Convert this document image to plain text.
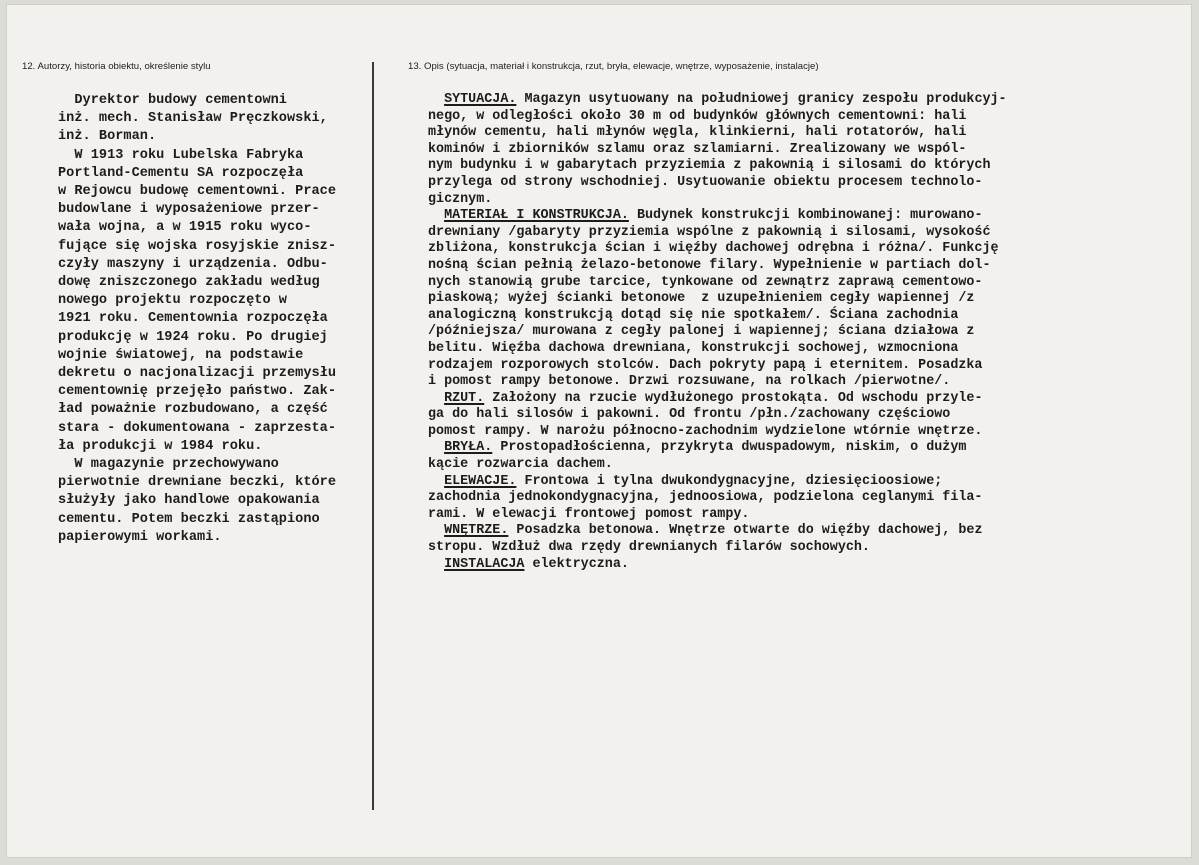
12. Autorzy, historia obiektu, określenie stylu	13. Opis (sytuacja, materiał i konstrukcja, rzut, bryła, elewacje, wnętrze, wyposażenie, instalacje)
Dyrektor budowy cementowni
inż. mech. Stanisław Pręczkowski,
inż. Borman.
W 1913 roku Lubelska Fabryka
Portland-Cementu SA rozpoczęła
w Rejowcu budowę cementowni. Prace
budowlane i wyposażeniowe przer-
wała wojna, a w 1915 roku wyco-
fujące się wojska rosyjskie znisz-
czyły maszyny i urządzenia. Odbu-
dowę zniszczonego zakładu według
nowego projektu rozpoczęto w
1921 roku. Cementownia rozpoczęła
produkcję w 1924 roku. Po drugiej
wojnie światowej, na podstawie
dekretu o nacjonalizacji przemysłu
cementownię przejęło państwo. Zak-
ład poważnie rozbudowano, a część
stara - dokumentowana - zaprzesta-
ła produkcji w 1984 roku.
W magazynie przechowywano
pierwotnie drewniane beczki, które
służyły jako handlowe opakowania
cementu. Potem beczki zastąpiono
papierowymi workami.
SYTUACJA. Magazyn usytuowany na południowej granicy zespołu produkcyj-
nego, w odległości około 30 m od budynków głównych cementowni: hali
młynów cementu, hali młynów węgla, klinkierni, hali rotatorów, hali
kominów i zbiorników szlamu oraz szlamiarni. Zrealizowany we wspól-
nym budynku i w gabarytach przyziemia z pakownią i silosami do których
przylega od strony wschodniej. Usytuowanie obiektu procesem technolo-
gicznym.
MATERIAŁ I KONSTRUKCJA. Budynek konstrukcji kombinowanej: murowano-
drewniany /gabaryty przyziemia wspólne z pakownią i silosami, wysokość
zbliżona, konstrukcja ścian i więźby dachowej odrębna i różna/. Funkcję
nośną ścian pełnią żelazo-betonowe filary. Wypełnienie w partiach dol-
nych stanowią grube tarcice, tynkowane od zewnątrz zaprawą cementowo-
piaskową; wyżej ścianki betonowe  z uzupełnieniem cegły wapiennej /z
analogiczną konstrukcją dotąd się nie spotkałem/. Ściana zachodnia
/późniejsza/ murowana z cegły palonej i wapiennej; ściana działowa z
belitu. Więźba dachowa drewniana, konstrukcji sochowej, wzmocniona
rodzajem rozporowych stolców. Dach pokryty papą i eternitem. Posadzka
i pomost rampy betonowe. Drzwi rozsuwane, na rolkach /pierwotne/.
RZUT. Założony na rzucie wydłużonego prostokąta. Od wschodu przyle-
ga do hali silosów i pakowni. Od frontu /płn./zachowany częściowo
pomost rampy. W narożu północno-zachodnim wydzielone wtórnie wnętrze.
BRYŁA. Prostopadłościenna, przykryta dwuspadowym, niskim, o dużym
kącie rozwarcia dachem.
ELEWACJE. Frontowa i tylna dwukondygnacyjne, dziesięcioosiowe;
zachodnia jednokondygnacyjna, jednoosiowa, podzielona ceglanymi fila-
rami. W elewacji frontowej pomost rampy.
WNĘTRZE. Posadzka betonowa. Wnętrze otwarte do więźby dachowej, bez
stropu. Wzdłuż dwa rzędy drewnianych filarów sochowych.
INSTALACJA elektryczna.
